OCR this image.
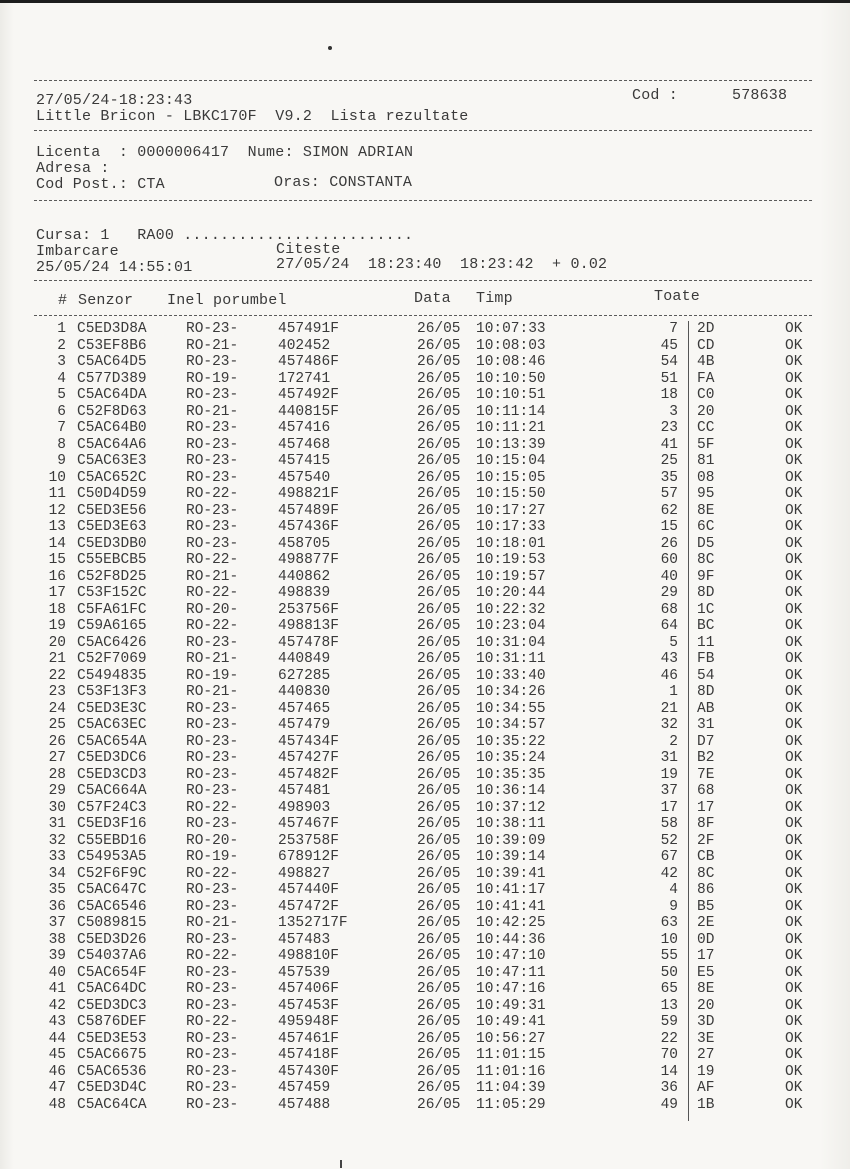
27/05/24-18:23:43	Cod :	578638
Little Bricon - LBKC170F  V9.2  Lista rezultate
Licenta  : 0000006417  Nume: SIMON ADRIAN
Adresa :
Cod Post.: CTA	Oras: CONSTANTA
Cursa: 1   RA00 .........................
Imbarcare	Citeste
25/05/24 14:55:01	27/05/24  18:23:40  18:23:42  + 0.02
# Senzor Inel porumbel	Data Timp	Toate
1 C5ED3D8A	RO-23-	457491F	26/05 10:07:33	7 2D	OK
2 C53EF8B6	RO-21-	402452	26/05 10:08:03	45 CD	OK
3 C5AC64D5	RO-23-	457486F	26/05 10:08:46	54 4B	OK
4 C577D389	RO-19-	172741	26/05 10:10:50	51 FA	OK
5 C5AC64DA	RO-23-	457492F	26/05 10:10:51	18 C0	OK
6 C52F8D63	RO-21-	440815F	26/05 10:11:14	3 20	OK
7 C5AC64B0	RO-23-	457416	26/05 10:11:21	23 CC	OK
8 C5AC64A6	RO-23-	457468	26/05 10:13:39	41 5F	OK
9 C5AC63E3	RO-23-	457415	26/05 10:15:04	25 81	OK
10 C5AC652C	RO-23-	457540	26/05 10:15:05	35 08	OK
11 C50D4D59	RO-22-	498821F	26/05 10:15:50	57 95	OK
12 C5ED3E56	RO-23-	457489F	26/05 10:17:27	62 8E	OK
13 C5ED3E63	RO-23-	457436F	26/05 10:17:33	15 6C	OK
14 C5ED3DB0	RO-23-	458705	26/05 10:18:01	26 D5	OK
15 C55EBCB5	RO-22-	498877F	26/05 10:19:53	60 8C	OK
16 C52F8D25	RO-21-	440862	26/05 10:19:57	40 9F	OK
17 C53F152C	RO-22-	498839	26/05 10:20:44	29 8D	OK
18 C5FA61FC	RO-20-	253756F	26/05 10:22:32	68 1C	OK
19 C59A6165	RO-22-	498813F	26/05 10:23:04	64 BC	OK
20 C5AC6426	RO-23-	457478F	26/05 10:31:04	5 11	OK
21 C52F7069	RO-21-	440849	26/05 10:31:11	43 FB	OK
22 C5494835	RO-19-	627285	26/05 10:33:40	46 54	OK
23 C53F13F3	RO-21-	440830	26/05 10:34:26	1 8D	OK
24 C5ED3E3C	RO-23-	457465	26/05 10:34:55	21 AB	OK
25 C5AC63EC	RO-23-	457479	26/05 10:34:57	32 31	OK
26 C5AC654A	RO-23-	457434F	26/05 10:35:22	2 D7	OK
27 C5ED3DC6	RO-23-	457427F	26/05 10:35:24	31 B2	OK
28 C5ED3CD3	RO-23-	457482F	26/05 10:35:35	19 7E	OK
29 C5AC664A	RO-23-	457481	26/05 10:36:14	37 68	OK
30 C57F24C3	RO-22-	498903	26/05 10:37:12	17 17	OK
31 C5ED3F16	RO-23-	457467F	26/05 10:38:11	58 8F	OK
32 C55EBD16	RO-20-	253758F	26/05 10:39:09	52 2F	OK
33 C54953A5	RO-19-	678912F	26/05 10:39:14	67 CB	OK
34 C52F6F9C	RO-22-	498827	26/05 10:39:41	42 8C	OK
35 C5AC647C	RO-23-	457440F	26/05 10:41:17	4 86	OK
36 C5AC6546	RO-23-	457472F	26/05 10:41:41	9 B5	OK
37 C5089815	RO-21-	1352717F	26/05 10:42:25	63 2E	OK
38 C5ED3D26	RO-23-	457483	26/05 10:44:36	10 0D	OK
39 C54037A6	RO-22-	498810F	26/05 10:47:10	55 17	OK
40 C5AC654F	RO-23-	457539	26/05 10:47:11	50 E5	OK
41 C5AC64DC	RO-23-	457406F	26/05 10:47:16	65 8E	OK
42 C5ED3DC3	RO-23-	457453F	26/05 10:49:31	13 20	OK
43 C5876DEF	RO-22-	495948F	26/05 10:49:41	59 3D	OK
44 C5ED3E53	RO-23-	457461F	26/05 10:56:27	22 3E	OK
45 C5AC6675	RO-23-	457418F	26/05 11:01:15	70 27	OK
46 C5AC6536	RO-23-	457430F	26/05 11:01:16	14 19	OK
47 C5ED3D4C	RO-23-	457459	26/05 11:04:39	36 AF	OK
48 C5AC64CA	RO-23-	457488	26/05 11:05:29	49 1B	OK
